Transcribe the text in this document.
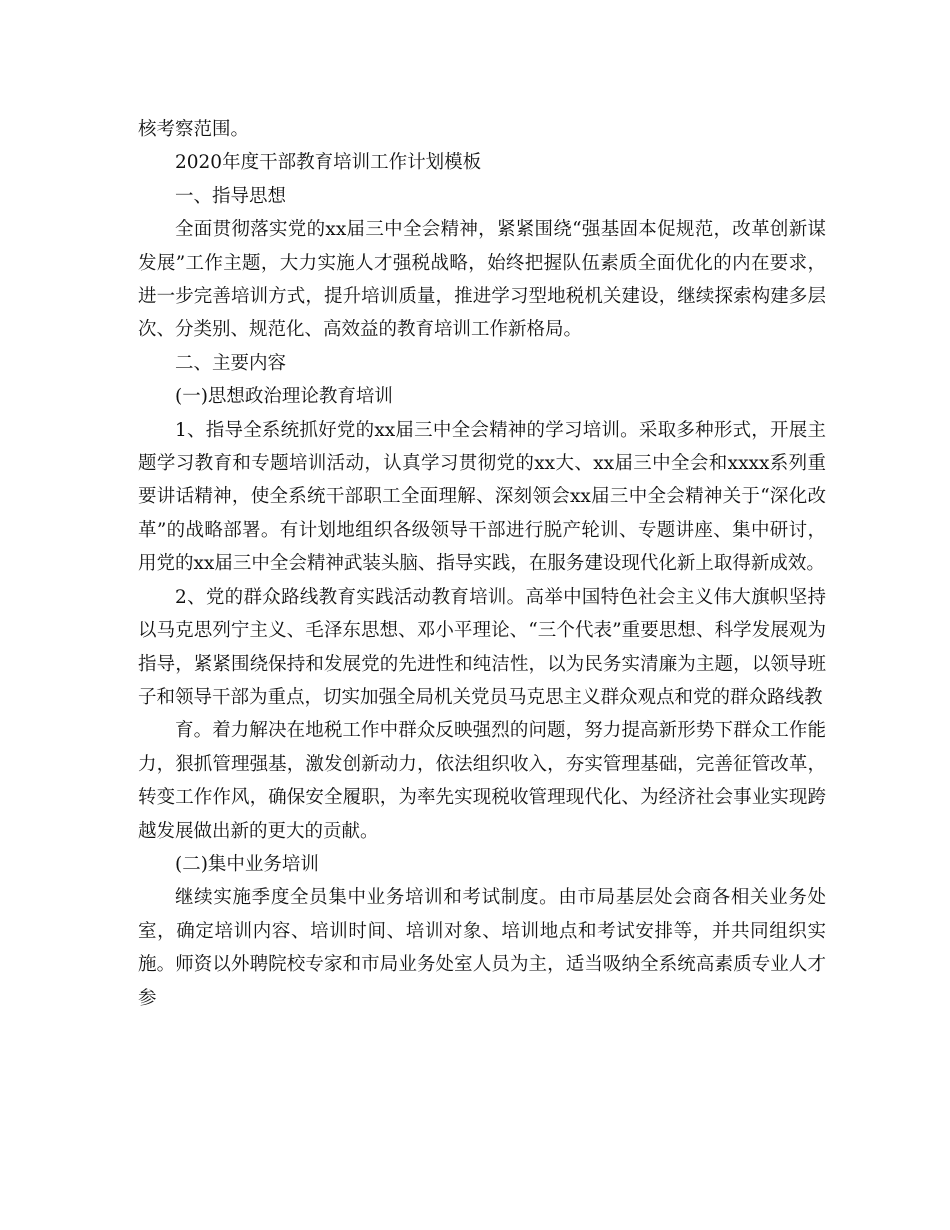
核考察范围。

2020年度干部教育培训工作计划模板

一、指导思想

全面贯彻落实党的xx届三中全会精神，紧紧围绕“强基固本促规范，改革创新谋发展”工作主题，大力实施人才强税战略，始终把握队伍素质全面优化的内在要求，进一步完善培训方式，提升培训质量，推进学习型地税机关建设，继续探索构建多层次、分类别、规范化、高效益的教育培训工作新格局。

二、主要内容

(一)思想政治理论教育培训

1、指导全系统抓好党的xx届三中全会精神的学习培训。采取多种形式，开展主题学习教育和专题培训活动，认真学习贯彻党的xx大、xx届三中全会和xxxx系列重要讲话精神，使全系统干部职工全面理解、深刻领会xx届三中全会精神关于“深化改革”的战略部署。有计划地组织各级领导干部进行脱产轮训、专题讲座、集中研讨，用党的xx届三中全会精神武装头脑、指导实践，在服务建设现代化新上取得新成效。

2、党的群众路线教育实践活动教育培训。高举中国特色社会主义伟大旗帜坚持以马克思列宁主义、毛泽东思想、邓小平理论、“三个代表”重要思想、科学发展观为指导，紧紧围绕保持和发展党的先进性和纯洁性，以为民务实清廉为主题，以领导班子和领导干部为重点，切实加强全局机关党员马克思主义群众观点和党的群众路线教

育。着力解决在地税工作中群众反映强烈的问题，努力提高新形势下群众工作能力，狠抓管理强基，激发创新动力，依法组织收入，夯实管理基础，完善征管改革，转变工作作风，确保安全履职，为率先实现税收管理现代化、为经济社会事业实现跨越发展做出新的更大的贡献。

(二)集中业务培训

继续实施季度全员集中业务培训和考试制度。由市局基层处会商各相关业务处室，确定培训内容、培训时间、培训对象、培训地点和考试安排等，并共同组织实施。师资以外聘院校专家和市局业务处室人员为主，适当吸纳全系统高素质专业人才参
